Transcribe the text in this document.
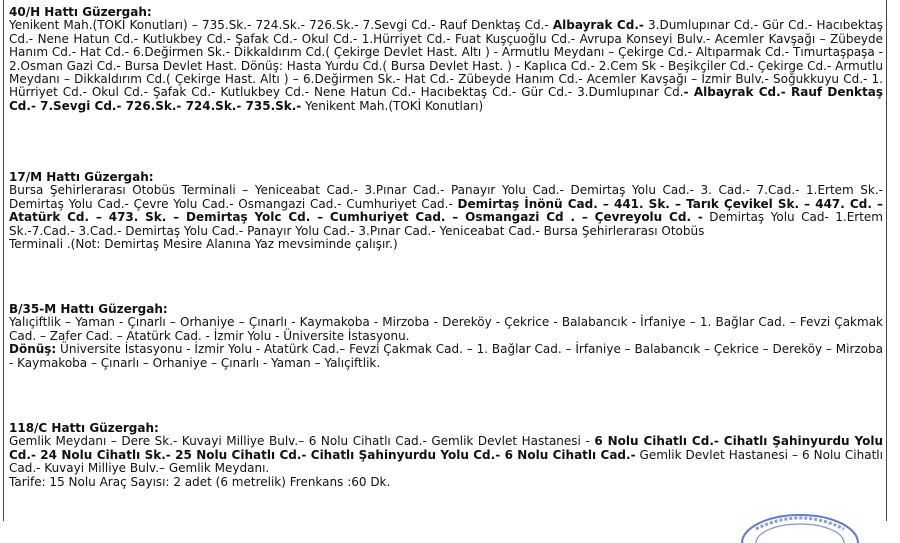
40/H Hattı Güzergah:

Yenikent Mah.(TOKİ Konutları) – 735.Sk.- 724.Sk.- 726.Sk.- 7.Sevgi Cd.- Rauf Denktaş Cd.- Albayrak Cd.- 3.Dumlupınar Cd.- Gür Cd.- Hacıbektaş Cd.- Nene Hatun Cd.- Kutlukbey Cd.- Şafak Cd.- Okul Cd.- 1.Hürriyet Cd.- Fuat Kuşçuoğlu Cd.- Avrupa Konseyi Bulv.- Acemler Kavşağı – Zübeyde Hanım Cd.- Hat Cd.- 6.Değirmen Sk.- Dikkaldırım Cd.( Çekirge Devlet Hast. Altı ) - Armutlu Meydanı – Çekirge Cd.- Altıparmak Cd.- Tımurtaşpaşa - 2.Osman Gazi Cd.- Bursa Devlet Hast. Dönüş: Hasta Yurdu Cd.( Bursa Devlet Hast. ) - Kaplıca Cd.- 2.Cem Sk - Beşikçiler Cd.- Çekirge Cd.- Armutlu Meydanı – Dikkaldırım Cd.( Çekirge Hast. Altı ) – 6.Değirmen Sk.- Hat Cd.- Zübeyde Hanım Cd.- Acemler Kavşağı – İzmir Bulv.- Soğukkuyu Cd.- 1. Hürriyet Cd.- Okul Cd.- Şafak Cd.- Kutlukbey Cd.- Nene Hatun Cd.- Hacıbektaş Cd.- Gür Cd.- 3.Dumlupınar Cd.- Albayrak Cd.- Rauf Denktaş Cd.- 7.Sevgi Cd.- 726.Sk.- 724.Sk.- 735.Sk.- Yenikent Mah.(TOKİ Konutları)

17/M Hattı Güzergah:

Bursa Şehirlerarası Otobüs Terminali – Yeniceabat Cad.- 3.Pınar Cad.- Panayır Yolu Cad.- Demirtaş Yolu Cad.- 3. Cad.- 7.Cad.- 1.Ertem Sk.- Demirtaş Yolu Cad.- Çevre Yolu Cad.- Osmangazi Cad.- Cumhuriyet Cad.- Demirtaş İnönü Cad. – 441. Sk. – Tarık Çevikel Sk. – 447. Cd. – Atatürk Cd. – 473. Sk. – Demirtaş Yolc Cd. – Cumhuriyet Cad. – Osmangazi Cd . – Çevreyolu Cd. - Demirtaş Yolu Cad- 1.Ertem Sk.-7.Cad.- 3.Cad.- Demirtaş Yolu Cad.- Panayır Yolu Cad.- 3.Pınar Cad.- Yeniceabat Cad.- Bursa Şehirlerarası Otobüs

Terminali .(Not: Demirtaş Mesire Alanına Yaz mevsiminde çalışır.)

B/35-M Hattı Güzergah:

Yalıçiftlik – Yaman - Çınarlı – Orhaniye – Çınarlı - Kaymakoba - Mirzoba - Dereköy - Çekrice - Balabancık - İrfaniye – 1. Bağlar Cad. – Fevzi Çakmak Cad. – Zafer Cad. – Atatürk Cad. - İzmir Yolu - Üniversite İstasyonu.

Dönüş: Üniversite İstasyonu - İzmir Yolu - Atatürk Cad.– Fevzi Çakmak Cad. – 1. Bağlar Cad. – İrfaniye – Balabancık – Çekrice – Dereköy – Mirzoba - Kaymakoba – Çınarlı – Orhaniye – Çınarlı - Yaman – Yalıçiftlik.

118/C Hattı Güzergah:

Gemlik Meydanı – Dere Sk.- Kuvayi Milliye Bulv.– 6 Nolu Cihatlı Cad.- Gemlik Devlet Hastanesi - 6 Nolu Cihatlı Cd.- Cihatlı Şahinyurdu Yolu Cd.- 24 Nolu Cihatlı Sk.- 25 Nolu Cihatlı Cd.- Cihatlı Şahinyurdu Yolu Cd.- 6 Nolu Cihatlı Cad.- Gemlik Devlet Hastanesi – 6 Nolu Cihatlı Cad.- Kuvayi Milliye Bulv.– Gemlik Meydanı.

Tarife: 15 Nolu Araç Sayısı: 2 adet (6 metrelik) Frenkans :60 Dk.
